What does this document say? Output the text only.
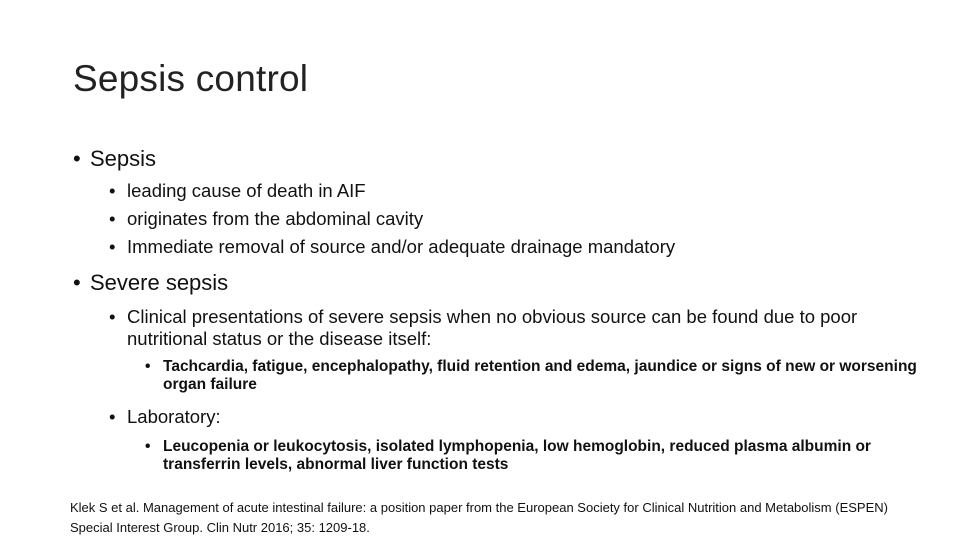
Sepsis control
• Sepsis
• leading cause of death in AIF
• originates from the abdominal cavity
• Immediate removal of source and/or adequate drainage mandatory
• Severe sepsis
• Clinical presentations of severe sepsis when no obvious source can be found due to poor nutritional status or the disease itself:
• Tachcardia, fatigue, encephalopathy, fluid retention and edema, jaundice or signs of new or worsening organ failure
• Laboratory:
• Leucopenia or leukocytosis, isolated lymphopenia, low hemoglobin, reduced plasma albumin or transferrin levels, abnormal liver function tests
Klek S et al. Management of acute intestinal failure: a position paper from the European Society for Clinical Nutrition and Metabolism (ESPEN) Special Interest Group. Clin Nutr 2016; 35: 1209-18.
